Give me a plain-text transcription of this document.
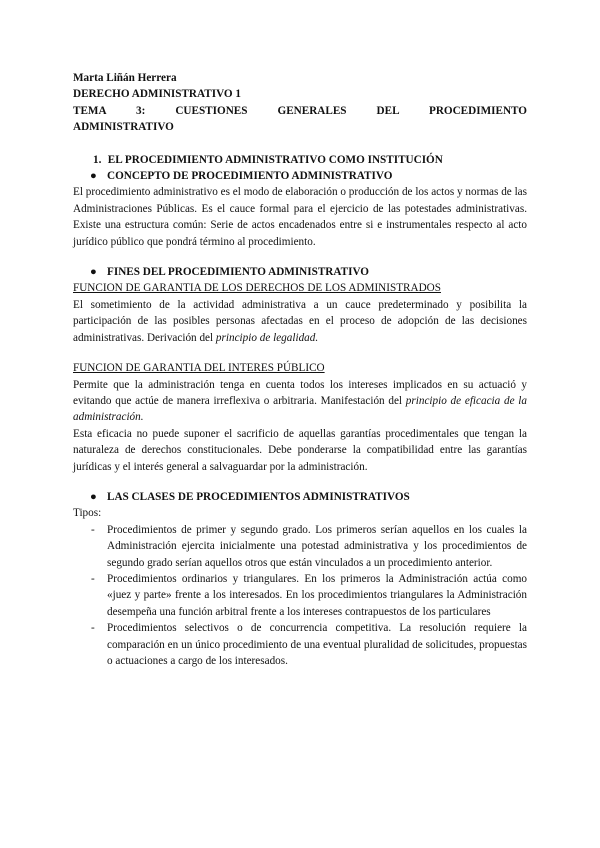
Marta Liñán Herrera
DERECHO ADMINISTRATIVO 1
TEMA 3: CUESTIONES GENERALES DEL PROCEDIMIENTO
ADMINISTRATIVO
1. EL PROCEDIMIENTO ADMINISTRATIVO COMO INSTITUCIÓN
● CONCEPTO DE PROCEDIMIENTO ADMINISTRATIVO
El procedimiento administrativo es el modo de elaboración o producción de los actos y normas de las Administraciones Públicas. Es el cauce formal para el ejercicio de las potestades administrativas. Existe una estructura común: Serie de actos encadenados entre si e instrumentales respecto al acto jurídico público que pondrá término al procedimiento.
● FINES DEL PROCEDIMIENTO ADMINISTRATIVO
FUNCION DE GARANTIA DE LOS DERECHOS DE LOS ADMINISTRADOS
El sometimiento de la actividad administrativa a un cauce predeterminado y posibilita la participación de las posibles personas afectadas en el proceso de adopción de las decisiones administrativas. Derivación del principio de legalidad.
FUNCION DE GARANTIA DEL INTERES PÚBLICO
Permite que la administración tenga en cuenta todos los intereses implicados en su actuació y evitando que actúe de manera irreflexiva o arbitraria. Manifestación del principio de eficacia de la administración.
Esta eficacia no puede suponer el sacrificio de aquellas garantías procedimentales que tengan la naturaleza de derechos constitucionales. Debe ponderarse la compatibilidad entre las garantías jurídicas y el interés general a salvaguardar por la administración.
● LAS CLASES DE PROCEDIMIENTOS ADMINISTRATIVOS
Tipos:
- Procedimientos de primer y segundo grado. Los primeros serían aquellos en los cuales la Administración ejercita inicialmente una potestad administrativa y los procedimientos de segundo grado serían aquellos otros que están vinculados a un procedimiento anterior.
- Procedimientos ordinarios y triangulares. En los primeros la Administración actúa como «juez y parte» frente a los interesados. En los procedimientos triangulares la Administración desempeña una función arbitral frente a los intereses contrapuestos de los particulares
- Procedimientos selectivos o de concurrencia competitiva. La resolución requiere la comparación en un único procedimiento de una eventual pluralidad de solicitudes, propuestas o actuaciones a cargo de los interesados.
